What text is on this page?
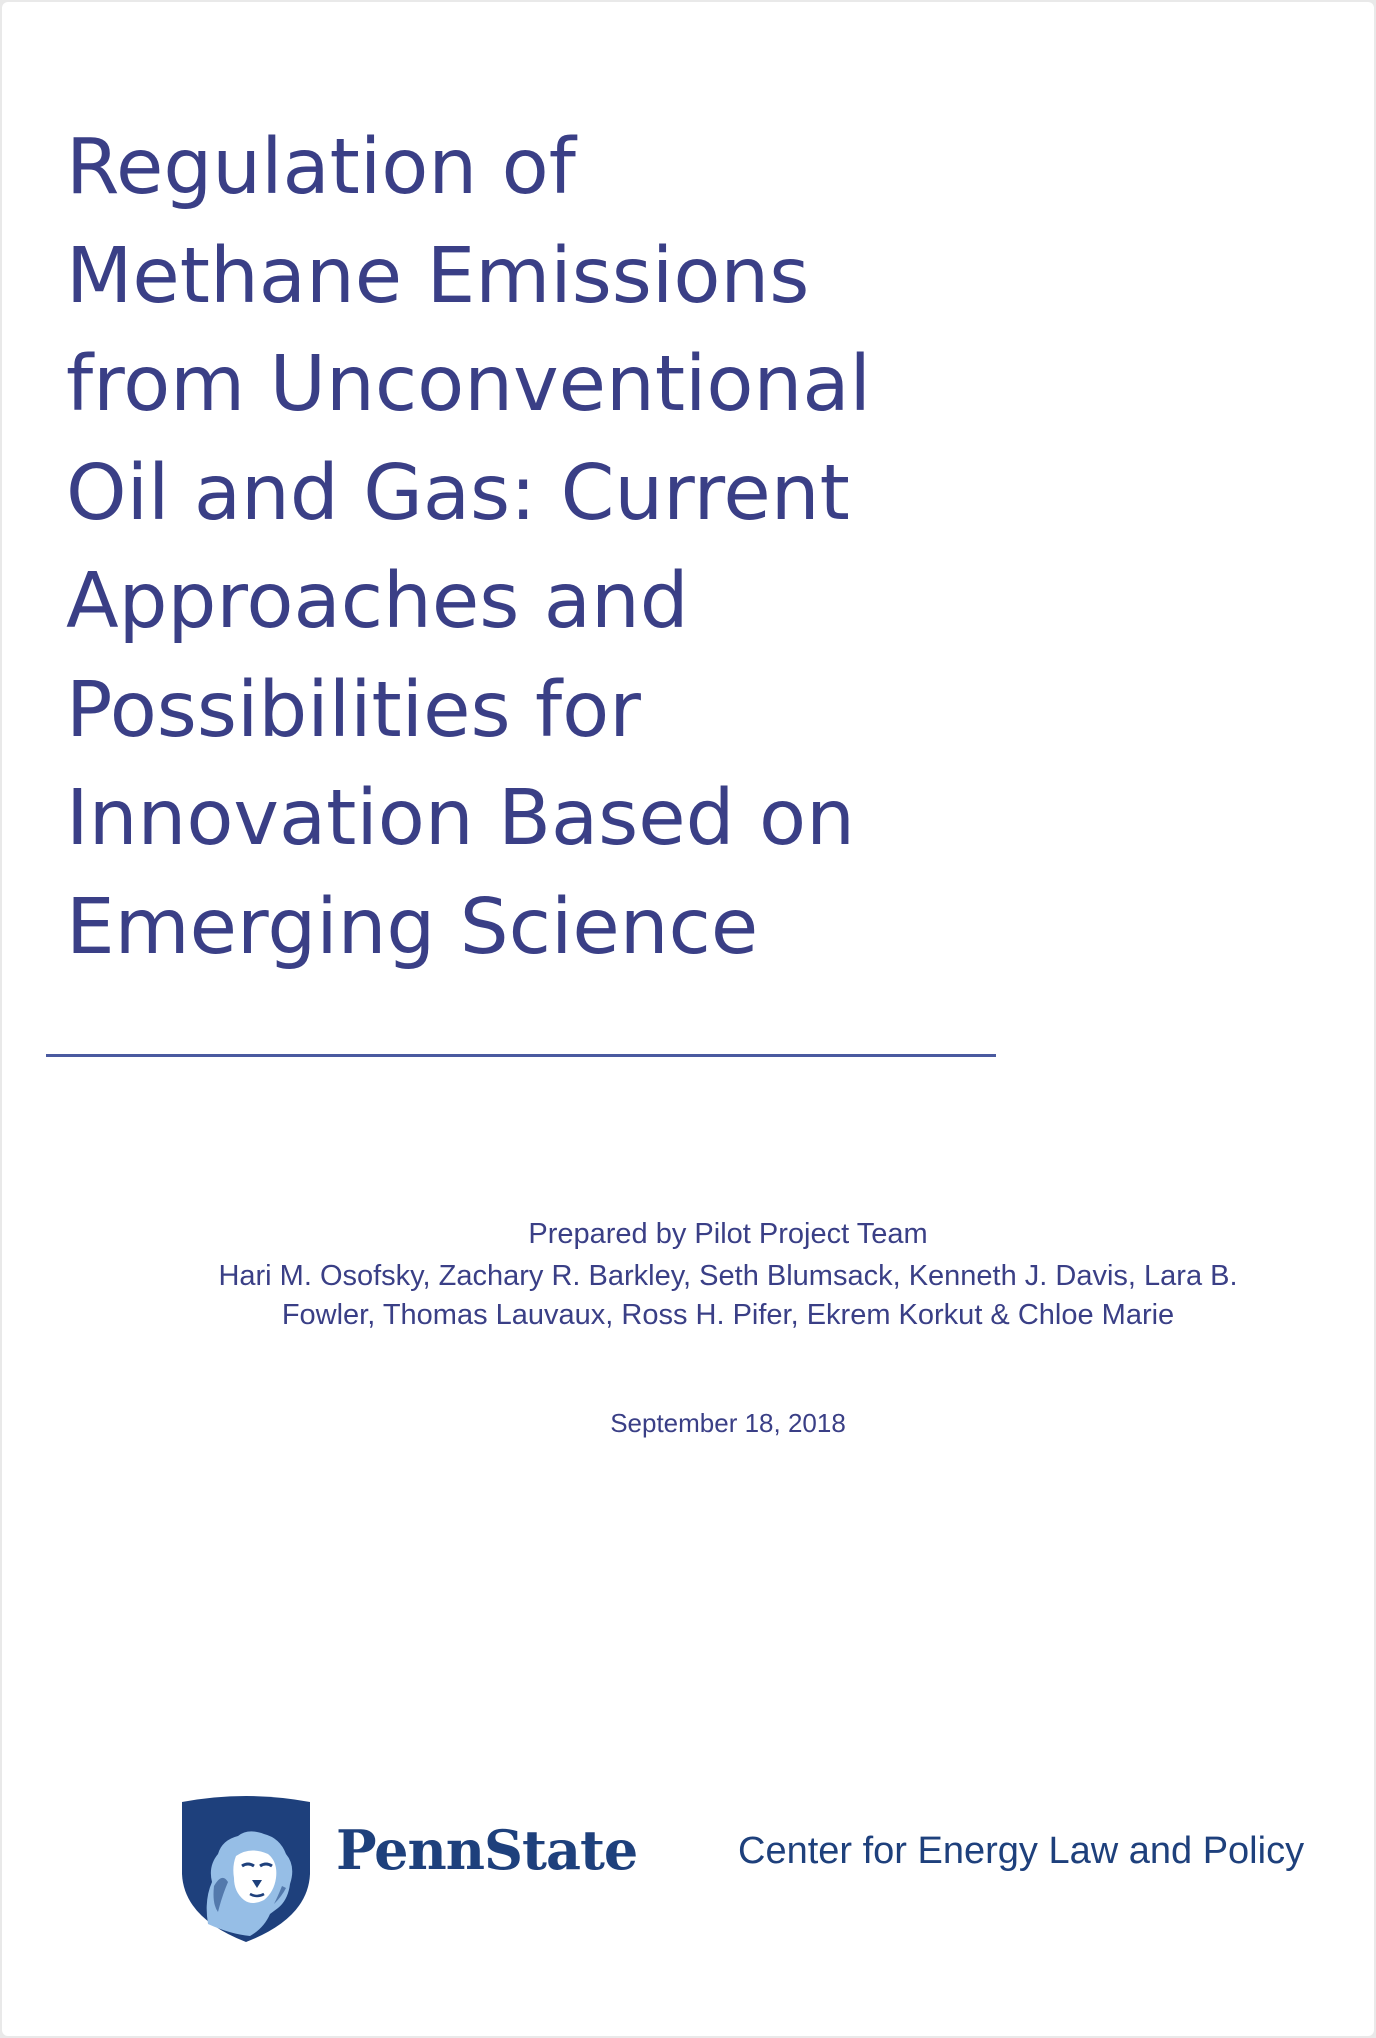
Regulation of
Methane Emissions
from Unconventional
Oil and Gas: Current
Approaches and
Possibilities for
Innovation Based on
Emerging Science
Prepared by Pilot Project Team
Hari M. Osofsky, Zachary R. Barkley, Seth Blumsack, Kenneth J. Davis, Lara B.
Fowler, Thomas Lauvaux, Ross H. Pifer, Ekrem Korkut & Chloe Marie
September 18, 2018
PennState	Center for Energy Law and Policy
